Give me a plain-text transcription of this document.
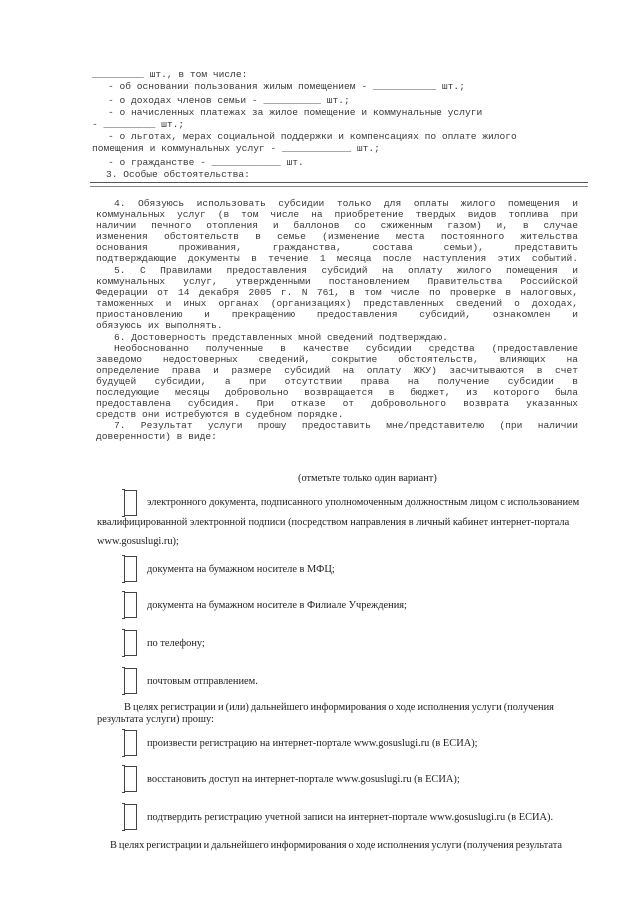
_________ шт., в том числе:
- об основании пользования жилым помещением - ___________ шт.;
- о доходах членов семьи - __________ шт.;
- о начисленных платежах за жилое помещение и коммунальные услуги
- _________ шт.;
- о льготах, мерах социальной поддержки и компенсациях по оплате жилого
помещения и коммунальных услуг - ____________ шт.;
- о гражданстве - ____________ шт.
3. Особые обстоятельства:
4. Обязуюсь использовать субсидии только для оплаты жилого помещения и
коммунальных услуг (в том числе на приобретение твердых видов топлива при
наличии печного отопления и баллонов со сжиженным газом) и, в случае
изменения обстоятельств в семье (изменение места постоянного жительства
основания проживания, гражданства, состава семьи), представить
подтверждающие документы в течение 1 месяца после наступления этих событий.
5. С Правилами предоставления субсидий на оплату жилого помещения и
коммунальных услуг, утвержденными постановлением Правительства Российской
Федерации от 14 декабря 2005 г. N 761, в том числе по проверке в налоговых,
таможенных и иных органах (организациях) представленных сведений о доходах,
приостановлению и прекращению предоставления субсидий, ознакомлен и
обязуюсь их выполнять.
6. Достоверность представленных мной сведений подтверждаю.
Необоснованно полученные в качестве субсидии средства (предоставление
заведомо недостоверных сведений, сокрытие обстоятельств, влияющих на
определение права и размере субсидий на оплату ЖКУ) засчитываются в счет
будущей субсидии, а при отсутствии права на получение субсидии в
последующие месяцы добровольно возвращается в бюджет, из которого была
предоставлена субсидия. При отказе от добровольного возврата указанных
средств они истребуются в судебном порядке.
7. Результат услуги прошу предоставить мне/представителю (при наличии
доверенности) в виде:
(отметьте только один вариант)
электронного документа, подписанного уполномоченным должностным лицом с использованием
квалифицированной электронной подписи (посредством направления в личный кабинет интернет-портала
www.gosuslugi.ru);
документа на бумажном носителе в МФЦ;
документа на бумажном носителе в Филиале Учреждения;
по телефону;
почтовым отправлением.
В целях регистрации и (или) дальнейшего информирования о ходе исполнения услуги (получения
результата услуги) прошу:
произвести регистрацию на интернет-портале www.gosuslugi.ru (в ЕСИА);
восстановить доступ на интернет-портале www.gosuslugi.ru (в ЕСИА);
подтвердить регистрацию учетной записи на интернет-портале www.gosuslugi.ru (в ЕСИА).
В целях регистрации и дальнейшего информирования о ходе исполнения услуги (получения результата
